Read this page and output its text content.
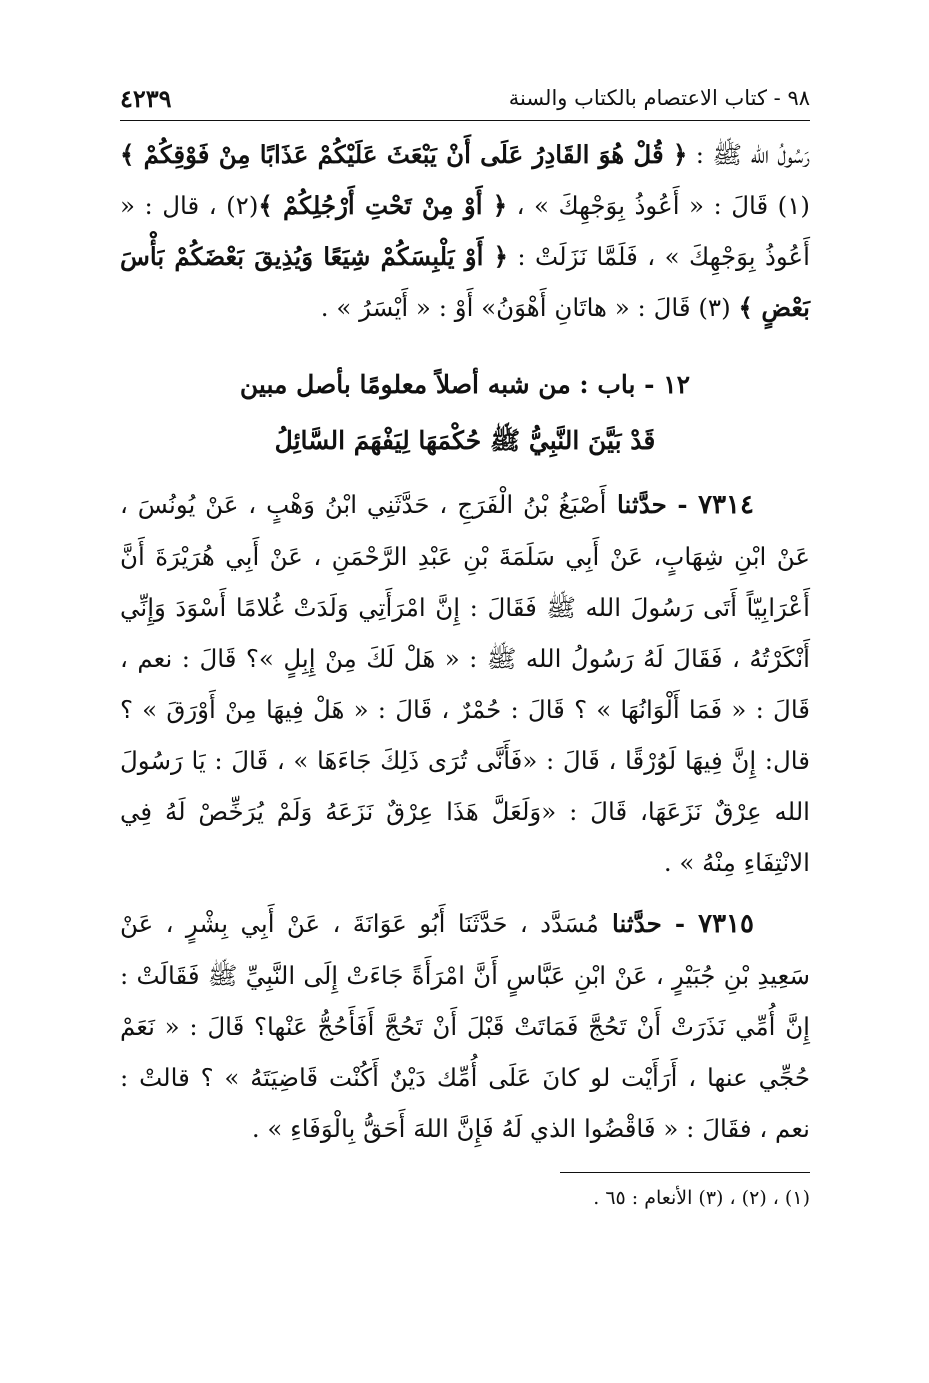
٩٨ - كتاب الاعتصام بالكتاب والسنة
٤٢٣٩

رَسُولُ الله ﷺ : ﴿ قُلْ هُوَ القَادِرُ عَلَى أَنْ يَبْعَثَ عَلَيْكُمْ عَذَابًا مِنْ فَوْقِكُمْ ﴾ (١) قَالَ : « أَعُوذُ بِوَجْهِكَ » ، ﴿ أَوْ مِنْ تَحْتِ أَرْجُلِكُمْ ﴾(٢) ، قال : « أَعُوذُ بِوَجْهِكَ » ، فَلَمَّا نَزَلَتْ : ﴿ أَوْ يَلْبِسَكُمْ شِيَعًا وَيُذِيقَ بَعْضَكُمْ بَأْسَ بَعْضٍ ﴾ (٣) قَالَ : « هاتَانِ أَهْوَنُ» أَوْ : « أَيْسَرُ » .

١٢ - باب : من شبه أصلاً معلومًا بأصل مبين
قَدْ بَيَّنَ النَّبِيُّ ﷺ حُكْمَهَا لِيَفْهَمَ السَّائِلُ

٧٣١٤ - حدَّثنا أَصْبَغُ بْنُ الْفَرَجِ ، حَدَّثَنِي ابْنُ وَهْبٍ ، عَنْ يُونُسَ ، عَنْ ابْنِ شِهَابٍ، عَنْ أَبِي سَلَمَةَ بْنِ عَبْدِ الرَّحْمَنِ ، عَنْ أَبِي هُرَيْرَةَ أَنَّ أَعْرَابِيّاً أَتَى رَسُولَ الله ﷺ فَقَالَ : إِنَّ امْرَأَتِي وَلَدَتْ غُلامًا أَسْوَدَ وَإِنِّي أَنْكَرْتُهُ ، فَقَالَ لَهُ رَسُولُ الله ﷺ : « هَلْ لَكَ مِنْ إِبِلٍ »؟ قَالَ : نعم ، قَالَ : « فَمَا أَلْوَانُهَا » ؟ قَالَ : حُمْرٌ ، قَالَ : « هَلْ فِيهَا مِنْ أَوْرَقَ » ؟ قال: إِنَّ فِيهَا لَوُرْقًا ، قَالَ : «فَأَنَّى تُرَى ذَلِكَ جَاءَهَا » ، قَالَ : يَا رَسُولَ الله عِرْقٌ نَزَعَهَا، قَالَ : «وَلَعَلَّ هَذَا عِرْقٌ نَزَعَهُ وَلَمْ يُرَخِّصْ لَهُ فِي الانْتِفَاءِ مِنْهُ » .

٧٣١٥ - حدَّثنا مُسَدَّد ، حَدَّثَنَا أَبُو عَوَانَةَ ، عَنْ أَبِي بِشْرٍ ، عَنْ سَعِيدِ بْنِ جُبَيْرٍ ، عَنْ ابْنِ عَبَّاسٍ أَنَّ امْرَأَةً جَاءَتْ إِلَى النَّبِيِّ ﷺ فَقَالَتْ : إِنَّ أُمِّي نَذَرَتْ أَنْ تَحُجَّ فَمَاتَتْ قَبْلَ أَنْ تَحُجَّ أَفَأَحُجُّ عَنْها؟ قَالَ : « نَعَمْ حُجِّي عنها ، أَرَأَيْت لو كانَ عَلَى أُمِّك دَيْنٌ أَكُنْت قَاضِيَتَهُ » ؟ قالتْ : نعم ، فقَالَ : « فَاقْضُوا الذي لَهُ فَإِنَّ اللهَ أَحَقُّ بِالْوَفَاءِ » .

(١) ، (٢) ، (٣) الأنعام : ٦٥ .
